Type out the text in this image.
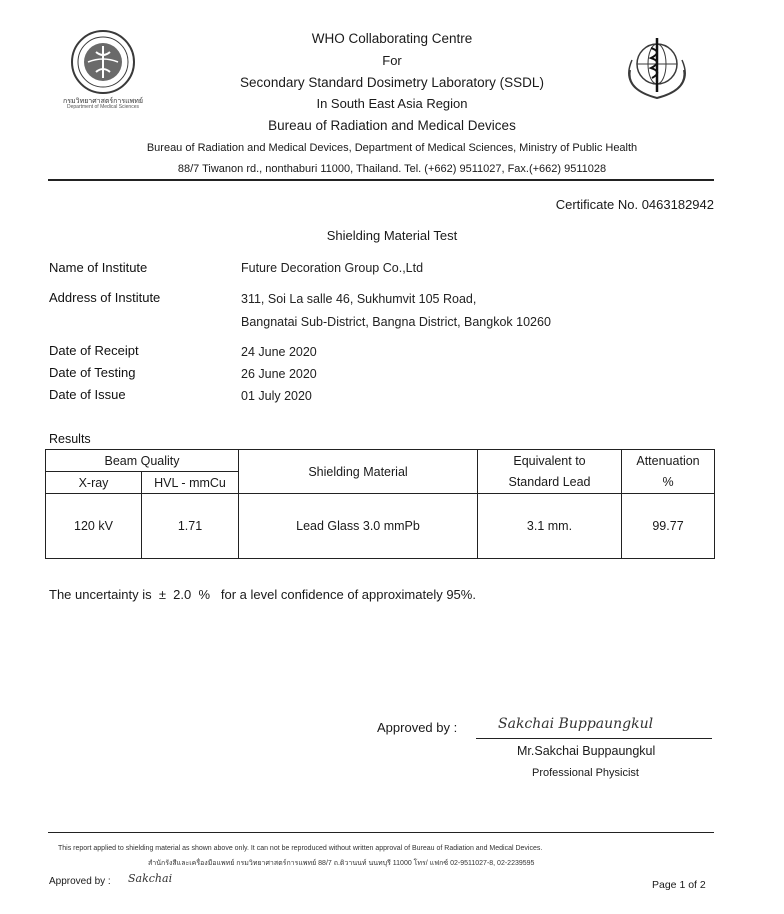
กรมวิทยาศาสตร์การแพทย์
Department of Medical Sciences
WHO Collaborating Centre
For
Secondary Standard Dosimetry Laboratory (SSDL)
In South East Asia Region
Bureau of Radiation and Medical Devices
Bureau of Radiation and Medical Devices, Department of Medical Sciences, Ministry of Public Health
88/7 Tiwanon rd., nonthaburi 11000, Thailand. Tel. (+662) 9511027, Fax.(+662) 9511028
Certificate No. 0463182942
Shielding Material Test
Name of Institute	Future Decoration Group Co.,Ltd
Address of Institute	311, Soi La salle 46, Sukhumvit 105 Road,
Bangnatai Sub-District, Bangna District, Bangkok 10260
Date of Receipt	24 June 2020
Date of Testing	26 June 2020
Date of Issue	01 July 2020
Results
Beam Quality		Shielding Material	Equivalent to	Attenuation
X-ray	HVL - mmCu		Standard Lead	%
120 kV	1.71	Lead Glass 3.0 mmPb	3.1 mm.	99.77
The uncertainty is  ±  2.0  %   for a level confidence of approximately 95%.
Approved by :	Sakchai Buppaungkul
Mr.Sakchai Buppaungkul
Professional Physicist
This report applied to shielding material as shown above only. It can not be reproduced without written approval of Bureau of Radiation and Medical Devices.
สำนักรังสีและเครื่องมือแพทย์ กรมวิทยาศาสตร์การแพทย์ 88/7 ถ.ติวานนท์ นนทบุรี 11000 โทร/ แฟกซ์ 02-9511027-8, 02-2239595
Approved by : Sakchai	Page 1 of 2
